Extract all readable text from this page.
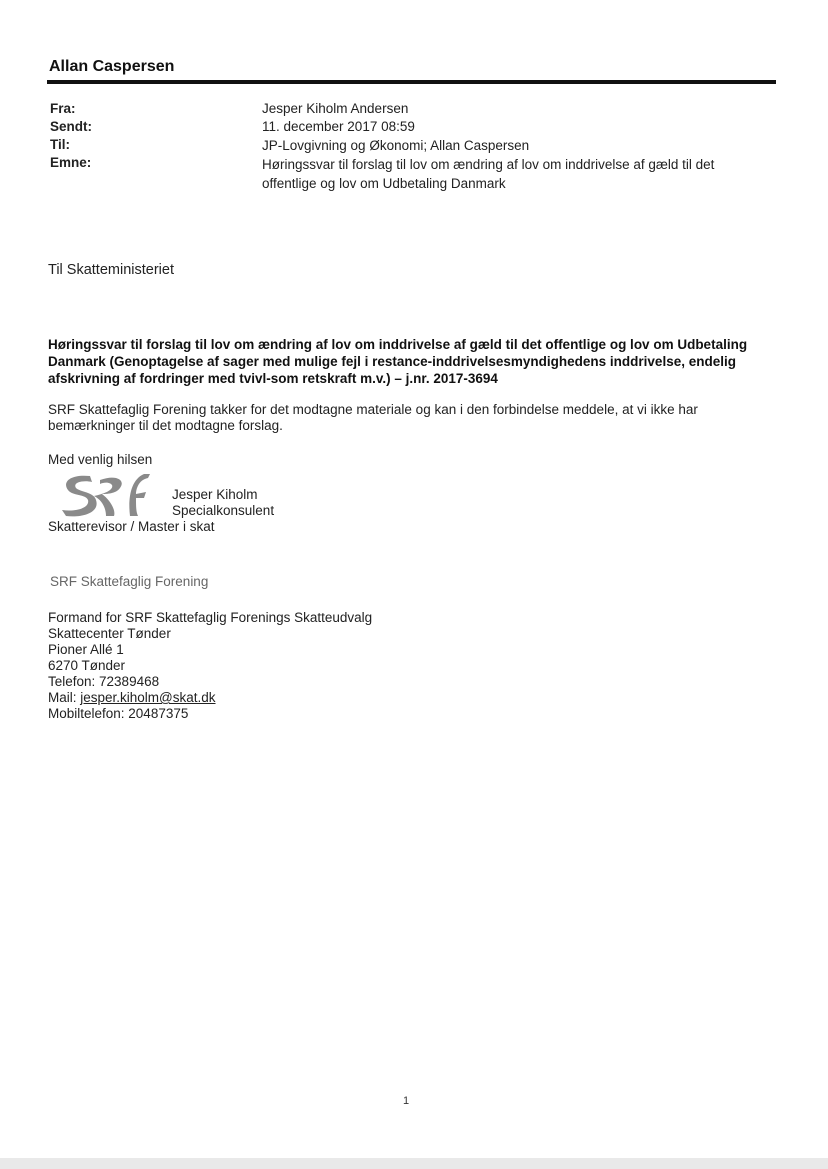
Allan Caspersen
Fra:	Jesper Kiholm Andersen
Sendt:	11. december 2017 08:59
Til:	JP-Lovgivning og Økonomi; Allan Caspersen
Emne:	Høringssvar til forslag til lov om ændring af lov om inddrivelse af gæld til det offentlige og lov om Udbetaling Danmark
Til Skatteministeriet
Høringssvar til forslag til lov om ændring af lov om inddrivelse af gæld til det offentlige og lov om Udbetaling Danmark (Genoptagelse af sager med mulige fejl i restance-inddrivelsesmyndighedens inddrivelse, endelig afskrivning af fordringer med tvivl-som retskraft m.v.) – j.nr. 2017-3694
SRF Skattefaglig Forening takker for det modtagne materiale og kan i den forbindelse meddele, at vi ikke har bemærkninger til det modtagne forslag.
Med venlig hilsen
Jesper Kiholm
Specialkonsulent
Skatterevisor / Master i skat
SRF Skattefaglig Forening
Formand for SRF Skattefaglig Forenings Skatteudvalg
Skattecenter Tønder
Pioner Allé 1
6270 Tønder
Telefon: 72389468
Mail: jesper.kiholm@skat.dk
Mobiltelefon: 20487375
1
